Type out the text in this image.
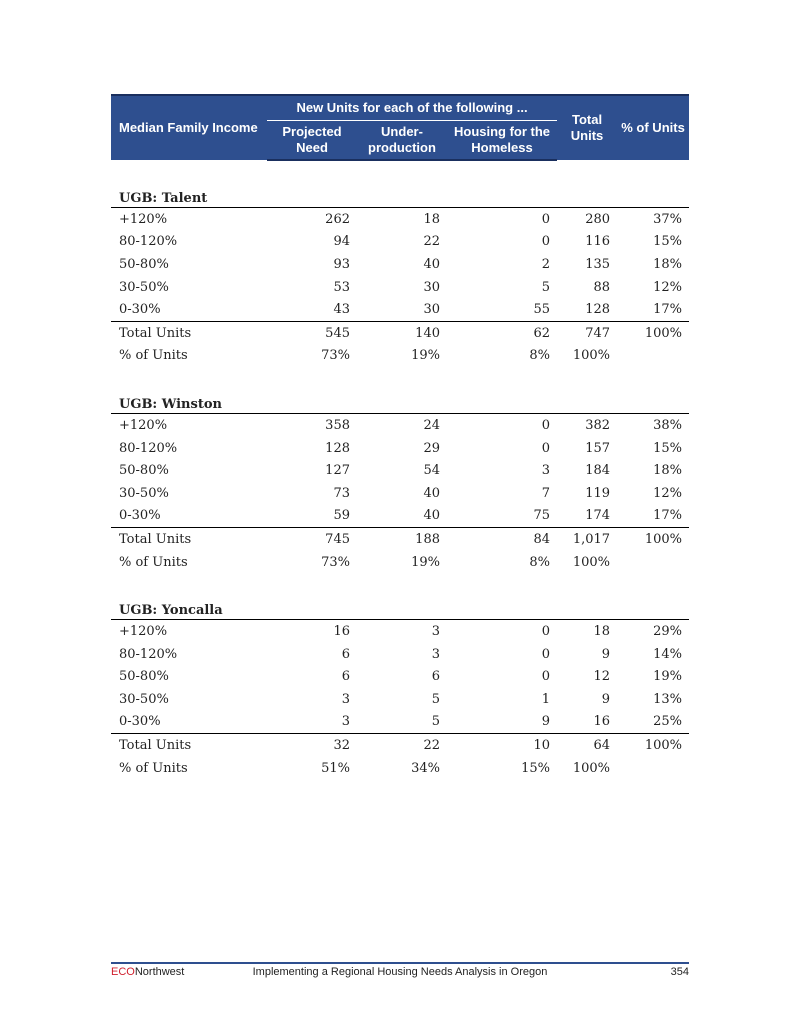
Median Family Income	New Units for each of the following ...			Total Units	% of Units
	Projected Need	Under-production	Housing for the Homeless		

UGB: Talent					
+120%	262	18	0	280	37%
80-120%	94	22	0	116	15%
50-80%	93	40	2	135	18%
30-50%	53	30	5	88	12%
0-30%	43	30	55	128	17%
Total Units	545	140	62	747	100%
% of Units	73%	19%	8%	100%	

UGB: Winston					
+120%	358	24	0	382	38%
80-120%	128	29	0	157	15%
50-80%	127	54	3	184	18%
30-50%	73	40	7	119	12%
0-30%	59	40	75	174	17%
Total Units	745	188	84	1,017	100%
% of Units	73%	19%	8%	100%	

UGB: Yoncalla					
+120%	16	3	0	18	29%
80-120%	6	3	0	9	14%
50-80%	6	6	0	12	19%
30-50%	3	5	1	9	13%
0-30%	3	5	9	16	25%
Total Units	32	22	10	64	100%
% of Units	51%	34%	15%	100%	
ECONorthwest	Implementing a Regional Housing Needs Analysis in Oregon	354
